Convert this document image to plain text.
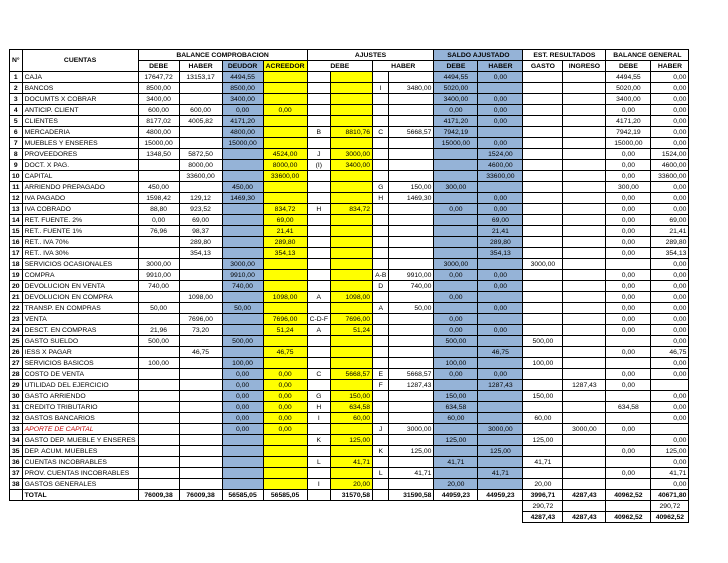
N°	CUENTAS	BALANCE COMPROBACION				AJUSTES				SALDO AJUSTADO		EST. RESULTADOS		BALANCE GENERAL	
		DEBE	HABER	DEUDOR	ACREEDOR	DEBE		HABER		DEBE	HABER	GASTO	INGRESO	DEBE	HABER
1	CAJA	17647,72	13153,17	4494,55						4494,55	0,00			4494,55	0,00
2	BANCOS	8500,00		8500,00				I	3480,00	5020,00				5020,00	0,00
3	DOCUMTS X COBRAR	3400,00		3400,00						3400,00	0,00			3400,00	0,00
4	ANTICIP. CLIENT	600,00	600,00	0,00	0,00					0,00	0,00			0,00	0,00
5	CLIENTES	8177,02	4005,82	4171,20						4171,20	0,00			4171,20	0,00
6	MERCADERIA	4800,00		4800,00		B	8810,76	C	5668,57	7942,19				7942,19	0,00
7	MUEBLES Y ENSERES	15000,00		15000,00						15000,00	0,00			15000,00	0,00
8	PROVEEDORES	1348,50	5872,50		4524,00	J	3000,00				1524,00			0,00	1524,00
9	DOCT. X PAG.		8000,00		8000,00	(I)	3400,00				4600,00			0,00	4600,00
10	CAPITAL		33600,00		33600,00						33600,00			0,00	33600,00
11	ARRIENDO PREPAGADO	450,00		450,00				G	150,00	300,00				300,00	0,00
12	IVA PAGADO	1598,42	129,12	1469,30				H	1469,30		0,00			0,00	0,00
13	IVA COBRADO	88,80	923,52		834,72	H	834,72			0,00	0,00			0,00	0,00
14	RET. FUENTE. 2%	0,00	69,00		69,00						69,00			0,00	69,00
15	RET.. FUENTE 1%	76,96	98,37		21,41						21,41			0,00	21,41
16	RET.. IVA 70%		289,80		289,80						289,80			0,00	289,80
17	RET.. IVA 30%		354,13		354,13						354,13			0,00	354,13
18	SERVICIOS OCASIONALES	3000,00		3000,00						3000,00		3000,00			0,00
19	COMPRA	9910,00		9910,00				A-B	9910,00	0,00	0,00			0,00	0,00
20	DEVOLUCION EN VENTA	740,00		740,00				D	740,00		0,00			0,00	0,00
21	DEVOLUCION EN COMPRA		1098,00		1098,00	A	1098,00			0,00				0,00	0,00
22	TRANSP. EN COMPRAS	50,00		50,00				A	50,00		0,00			0,00	0,00
23	VENTA		7696,00		7696,00	C-D-F	7696,00			0,00				0,00	0,00
24	DESCT. EN COMPRAS	21,96	73,20		51,24	A	51,24			0,00	0,00			0,00	0,00
25	GASTO SUELDO	500,00		500,00						500,00		500,00			0,00
26	IESS X PAGAR		46,75		46,75						46,75			0,00	46,75
27	SERVICIOS BASICOS	100,00		100,00						100,00		100,00			0,00
28	COSTO DE VENTA			0,00	0,00	C	5668,57	E	5668,57	0,00	0,00			0,00	0,00
29	UTILIDAD DEL EJERCICIO			0,00	0,00			F	1287,43		1287,43		1287,43	0,00	
30	GASTO ARRIENDO			0,00	0,00	G	150,00			150,00		150,00			0,00
31	CREDITO TRIBUTARIO			0,00	0,00	H	634,58			634,58				634,58	0,00
32	GASTOS BANCARIOS			0,00	0,00	I	60,00			60,00		60,00			0,00
33	APORTE DE CAPITAL			0,00	0,00			J	3000,00		3000,00		3000,00	0,00	
34	GASTO DEP. MUEBLE Y ENSERES					K	125,00			125,00		125,00			0,00
35	DEP. ACUM. MUEBLES							K	125,00		125,00			0,00	125,00
36	CUENTAS INCOBRABLES					L	41,71			41,71		41,71			0,00
37	PROV. CUENTAS INCOBRABLES							L	41,71		41,71			0,00	41,71
38	GASTOS GENERALES					I	20,00			20,00		20,00			0,00
	TOTAL	76009,38	76009,38	56585,05	56585,05		31570,58		31590,58	44959,23	44959,23	3996,71	4287,43	40962,52	40671,80
												290,72			290,72
												4287,43	4287,43	40962,52	40962,52
